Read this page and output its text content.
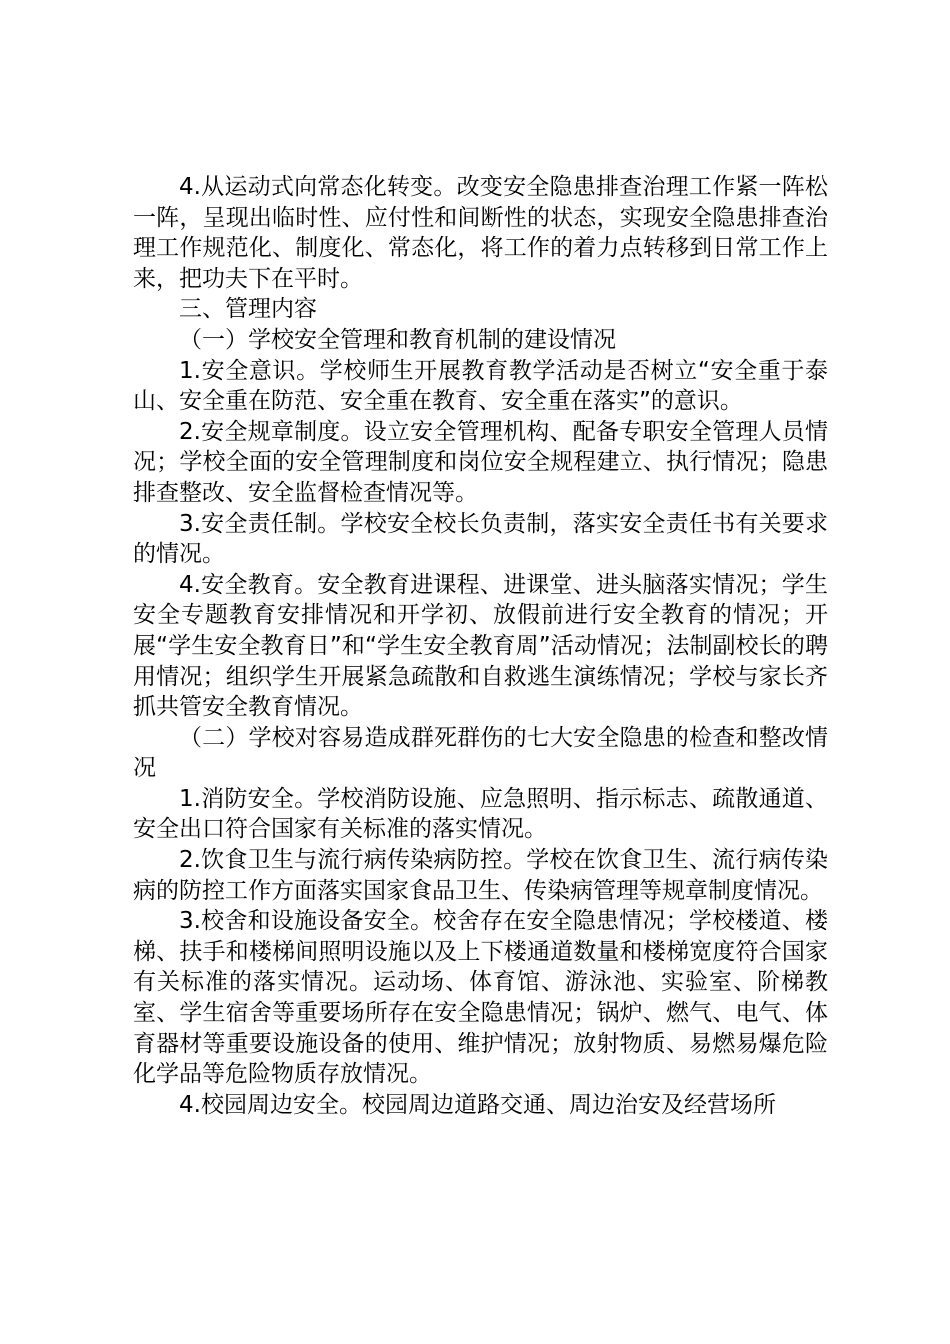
4.从运动式向常态化转变。改变安全隐患排查治理工作紧一阵松一阵，呈现出临时性、应付性和间断性的状态，实现安全隐患排查治理工作规范化、制度化、常态化，将工作的着力点转移到日常工作上来，把功夫下在平时。

三、管理内容

（一）学校安全管理和教育机制的建设情况

1.安全意识。学校师生开展教育教学活动是否树立“安全重于泰山、安全重在防范、安全重在教育、安全重在落实”的意识。

2.安全规章制度。设立安全管理机构、配备专职安全管理人员情况；学校全面的安全管理制度和岗位安全规程建立、执行情况；隐患排查整改、安全监督检查情况等。

3.安全责任制。学校安全校长负责制，落实安全责任书有关要求的情况。

4.安全教育。安全教育进课程、进课堂、进头脑落实情况；学生安全专题教育安排情况和开学初、放假前进行安全教育的情况；开展“学生安全教育日”和“学生安全教育周”活动情况；法制副校长的聘用情况；组织学生开展紧急疏散和自救逃生演练情况；学校与家长齐抓共管安全教育情况。

（二）学校对容易造成群死群伤的七大安全隐患的检查和整改情况

1.消防安全。学校消防设施、应急照明、指示标志、疏散通道、安全出口符合国家有关标准的落实情况。

2.饮食卫生与流行病传染病防控。学校在饮食卫生、流行病传染病的防控工作方面落实国家食品卫生、传染病管理等规章制度情况。

3.校舍和设施设备安全。校舍存在安全隐患情况；学校楼道、楼梯、扶手和楼梯间照明设施以及上下楼通道数量和楼梯宽度符合国家有关标准的落实情况。运动场、体育馆、游泳池、实验室、阶梯教室、学生宿舍等重要场所存在安全隐患情况；锅炉、燃气、电气、体育器材等重要设施设备的使用、维护情况；放射物质、易燃易爆危险化学品等危险物质存放情况。

4.校园周边安全。校园周边道路交通、周边治安及经营场所
